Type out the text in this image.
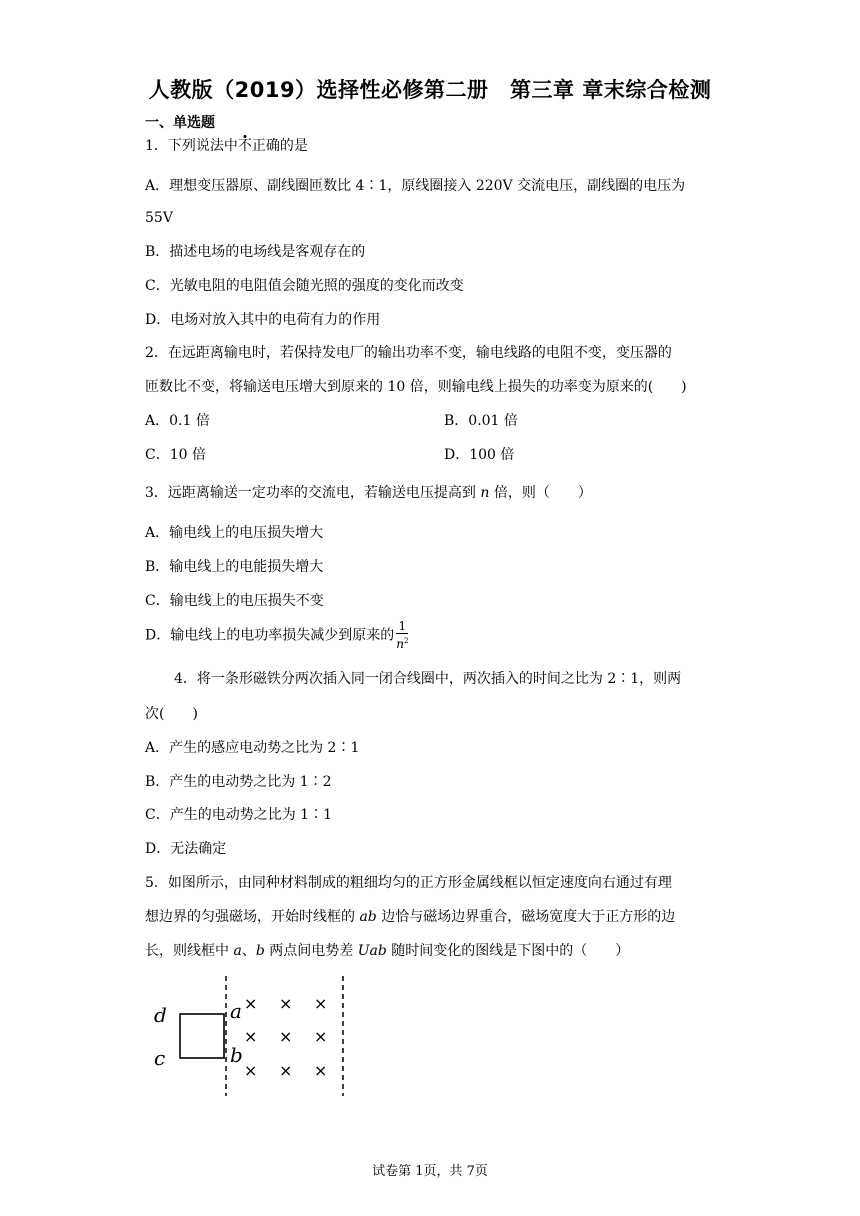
人教版（2019）选择性必修第二册　第三章 章末综合检测
一、单选题
1．下列说法中不正确的是
A．理想变压器原、副线圈匝数比 4∶1，原线圈接入 220V 交流电压，副线圈的电压为
55V
B．描述电场的电场线是客观存在的
C．光敏电阻的电阻值会随光照的强度的变化而改变
D．电场对放入其中的电荷有力的作用
2．在远距离输电时，若保持发电厂的输出功率不变，输电线路的电阻不变，变压器的
匝数比不变，将输送电压增大到原来的 10 倍，则输电线上损失的功率变为原来的(　　)
A．0.1 倍	B．0.01 倍
C．10 倍	D．100 倍
3．远距离输送一定功率的交流电，若输送电压提高到 n 倍，则（　　）
A．输电线上的电压损失增大
B．输电线上的电能损失增大
C．输电线上的电压损失不变
D．输电线上的电功率损失减少到原来的 $\frac{1}{n^2}$
4．将一条形磁铁分两次插入同一闭合线圈中，两次插入的时间之比为 2∶1，则两
次(　　)
A．产生的感应电动势之比为 2∶1
B．产生的电动势之比为 1∶2
C．产生的电动势之比为 1∶1
D．无法确定
5．如图所示，由同种材料制成的粗细均匀的正方形金属线框以恒定速度向右通过有理
想边界的匀强磁场，开始时线框的 ab 边恰与磁场边界重合，磁场宽度大于正方形的边
长，则线框中 a、b 两点间电势差 Uab 随时间变化的图线是下图中的（　　）
d
c
a
b
× × ×
× × ×
× × ×
试卷第 1页，共 7页
